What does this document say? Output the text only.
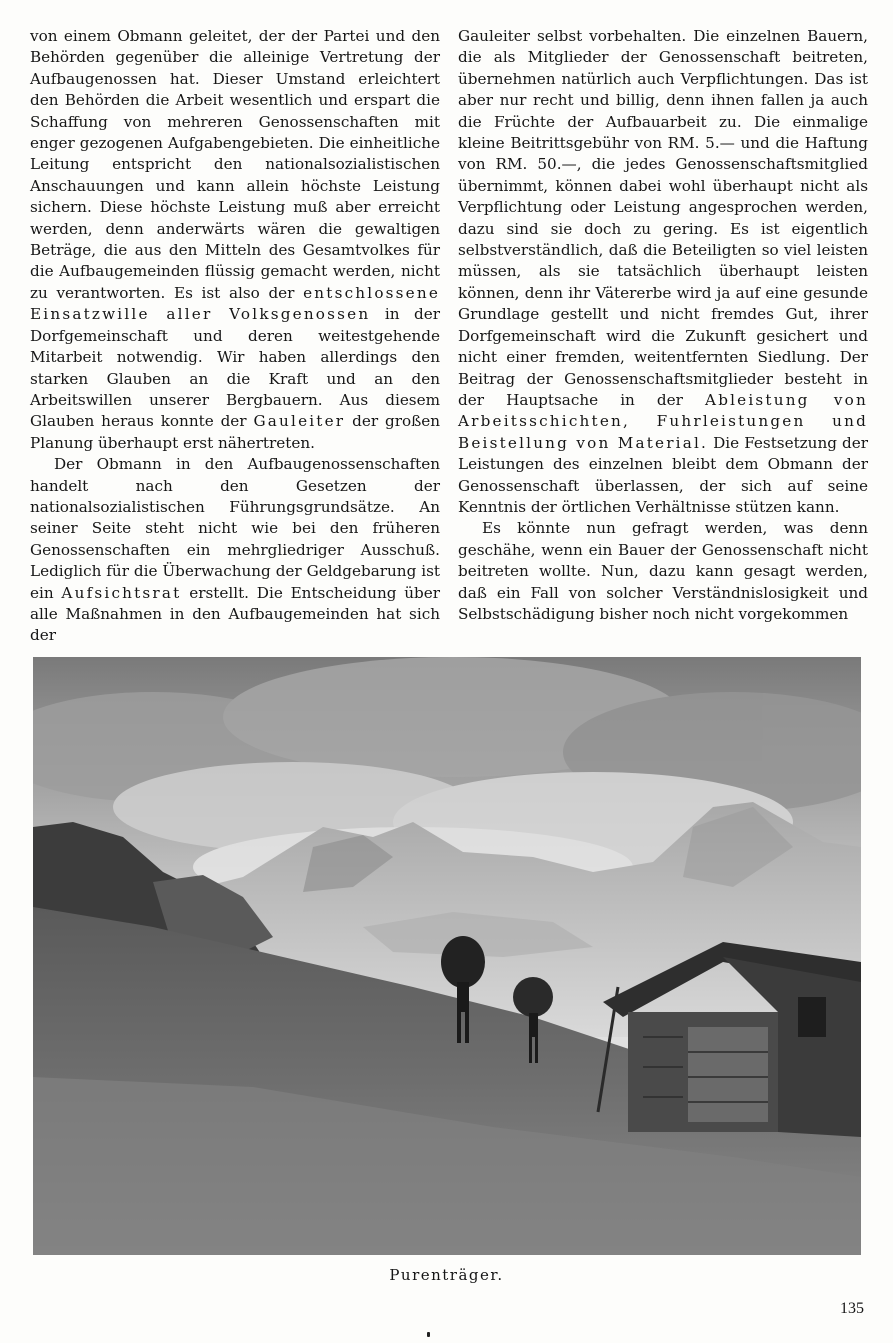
von einem Obmann geleitet, der der Partei und den Behörden gegenüber die alleinige Vertretung der Aufbaugenossen hat. Dieser Umstand erleichtert den Behörden die Arbeit wesentlich und erspart die Schaffung von mehreren Genossenschaften mit enger gezogenen Aufgabengebieten. Die einheitliche Leitung entspricht den nationalsozialistischen Anschauungen und kann allein höchste Leistung sichern. Diese höchste Leistung muß aber erreicht werden, denn anderwärts wären die gewaltigen Beträge, die aus den Mitteln des Gesamtvolkes für die Aufbaugemeinden flüssig gemacht werden, nicht zu verantworten. Es ist also der entschlossene Einsatzwille aller Volksgenossen in der Dorfgemeinschaft und deren weitestgehende Mitarbeit notwendig. Wir haben allerdings den starken Glauben an die Kraft und an den Arbeitswillen unserer Bergbauern. Aus diesem Glauben heraus konnte der Gauleiter der großen Planung überhaupt erst nähertreten.

Der Obmann in den Aufbaugenossenschaften handelt nach den Gesetzen der nationalsozialistischen Führungsgrundsätze. An seiner Seite steht nicht wie bei den früheren Genossenschaften ein mehrgliedriger Ausschuß. Lediglich für die Überwachung der Geldgebarung ist ein Aufsichtsrat erstellt. Die Entscheidung über alle Maßnahmen in den Aufbaugemeinden hat sich der

Gauleiter selbst vorbehalten. Die einzelnen Bauern, die als Mitglieder der Genossenschaft beitreten, übernehmen natürlich auch Verpflichtungen. Das ist aber nur recht und billig, denn ihnen fallen ja auch die Früchte der Aufbauarbeit zu. Die einmalige kleine Beitrittsgebühr von RM. 5.— und die Haftung von RM. 50.—, die jedes Genossenschaftsmitglied übernimmt, können dabei wohl überhaupt nicht als Verpflichtung oder Leistung angesprochen werden, dazu sind sie doch zu gering. Es ist eigentlich selbstverständlich, daß die Beteiligten so viel leisten müssen, als sie tatsächlich überhaupt leisten können, denn ihr Vätererbe wird ja auf eine gesunde Grundlage gestellt und nicht fremdes Gut, ihrer Dorfgemeinschaft wird die Zukunft gesichert und nicht einer fremden, weitentfernten Siedlung. Der Beitrag der Genossenschaftsmitglieder besteht in der Hauptsache in der Ableistung von Arbeitsschichten, Fuhrleistungen und Beistellung von Material. Die Festsetzung der Leistungen des einzelnen bleibt dem Obmann der Genossenschaft überlassen, der sich auf seine Kenntnis der örtlichen Verhältnisse stützen kann.

Es könnte nun gefragt werden, was denn geschähe, wenn ein Bauer der Genossenschaft nicht beitreten wollte. Nun, dazu kann gesagt werden, daß ein Fall von solcher Verständnislosigkeit und Selbstschädigung bisher noch nicht vorgekommen

Purenträger.
135
